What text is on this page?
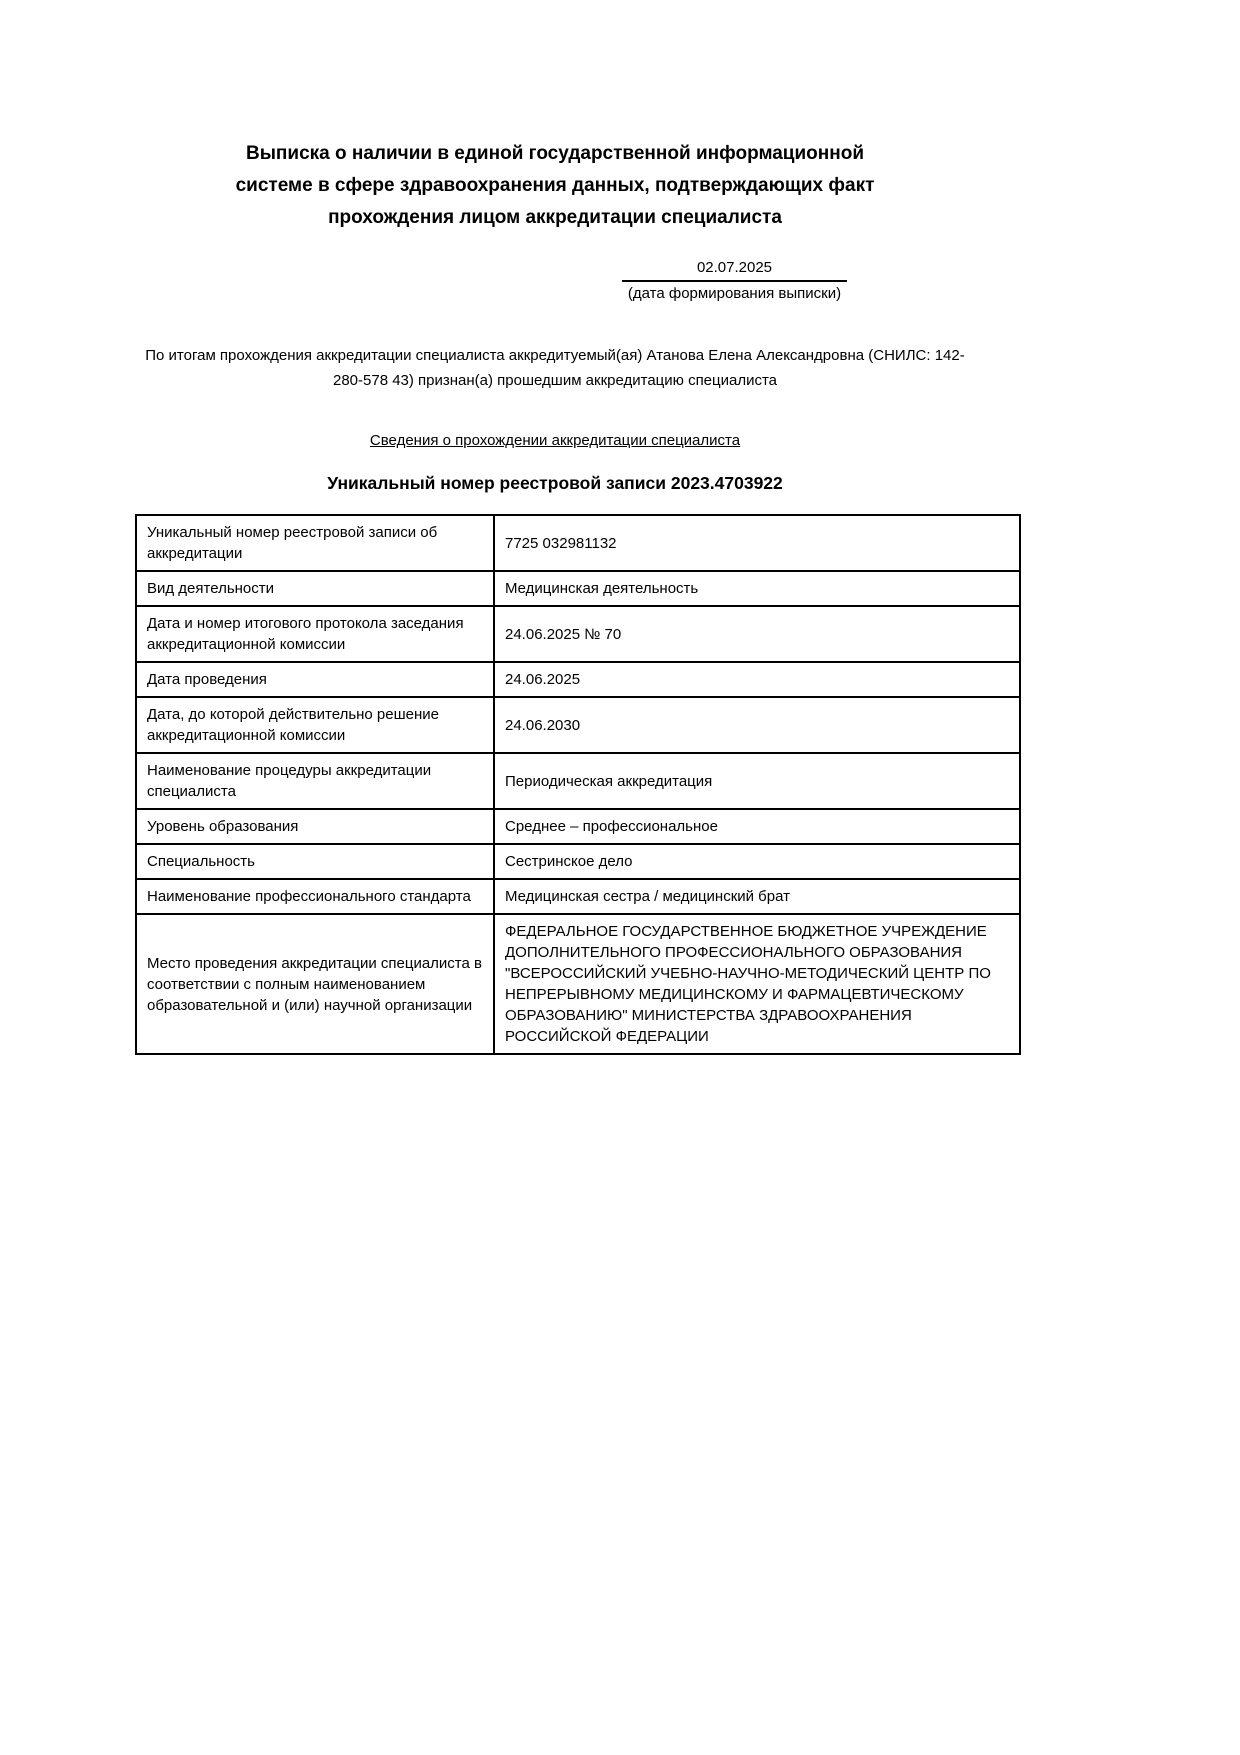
Выписка о наличии в единой государственной информационной системе в сфере здравоохранения данных, подтверждающих факт прохождения лицом аккредитации специалиста
02.07.2025
(дата формирования выписки)
По итогам прохождения аккредитации специалиста аккредитуемый(ая) Атанова Елена Александровна (СНИЛС: 142-280-578 43) признан(а) прошедшим аккредитацию специалиста
Сведения о прохождении аккредитации специалиста
Уникальный номер реестровой записи 2023.4703922
Уникальный номер реестровой записи об аккредитации	7725 032981132
Вид деятельности	Медицинская деятельность
Дата и номер итогового протокола заседания аккредитационной комиссии	24.06.2025 № 70
Дата проведения	24.06.2025
Дата, до которой действительно решение аккредитационной комиссии	24.06.2030
Наименование процедуры аккредитации специалиста	Периодическая аккредитация
Уровень образования	Среднее – профессиональное
Специальность	Сестринское дело
Наименование профессионального стандарта	Медицинская сестра / медицинский брат
Место проведения аккредитации специалиста в соответствии с полным наименованием образовательной и (или) научной организации	ФЕДЕРАЛЬНОЕ ГОСУДАРСТВЕННОЕ БЮДЖЕТНОЕ УЧРЕЖДЕНИЕ ДОПОЛНИТЕЛЬНОГО ПРОФЕССИОНАЛЬНОГО ОБРАЗОВАНИЯ "ВСЕРОССИЙСКИЙ УЧЕБНО-НАУЧНО-МЕТОДИЧЕСКИЙ ЦЕНТР ПО НЕПРЕРЫВНОМУ МЕДИЦИНСКОМУ И ФАРМАЦЕВТИЧЕСКОМУ ОБРАЗОВАНИЮ" МИНИСТЕРСТВА ЗДРАВООХРАНЕНИЯ РОССИЙСКОЙ ФЕДЕРАЦИИ
